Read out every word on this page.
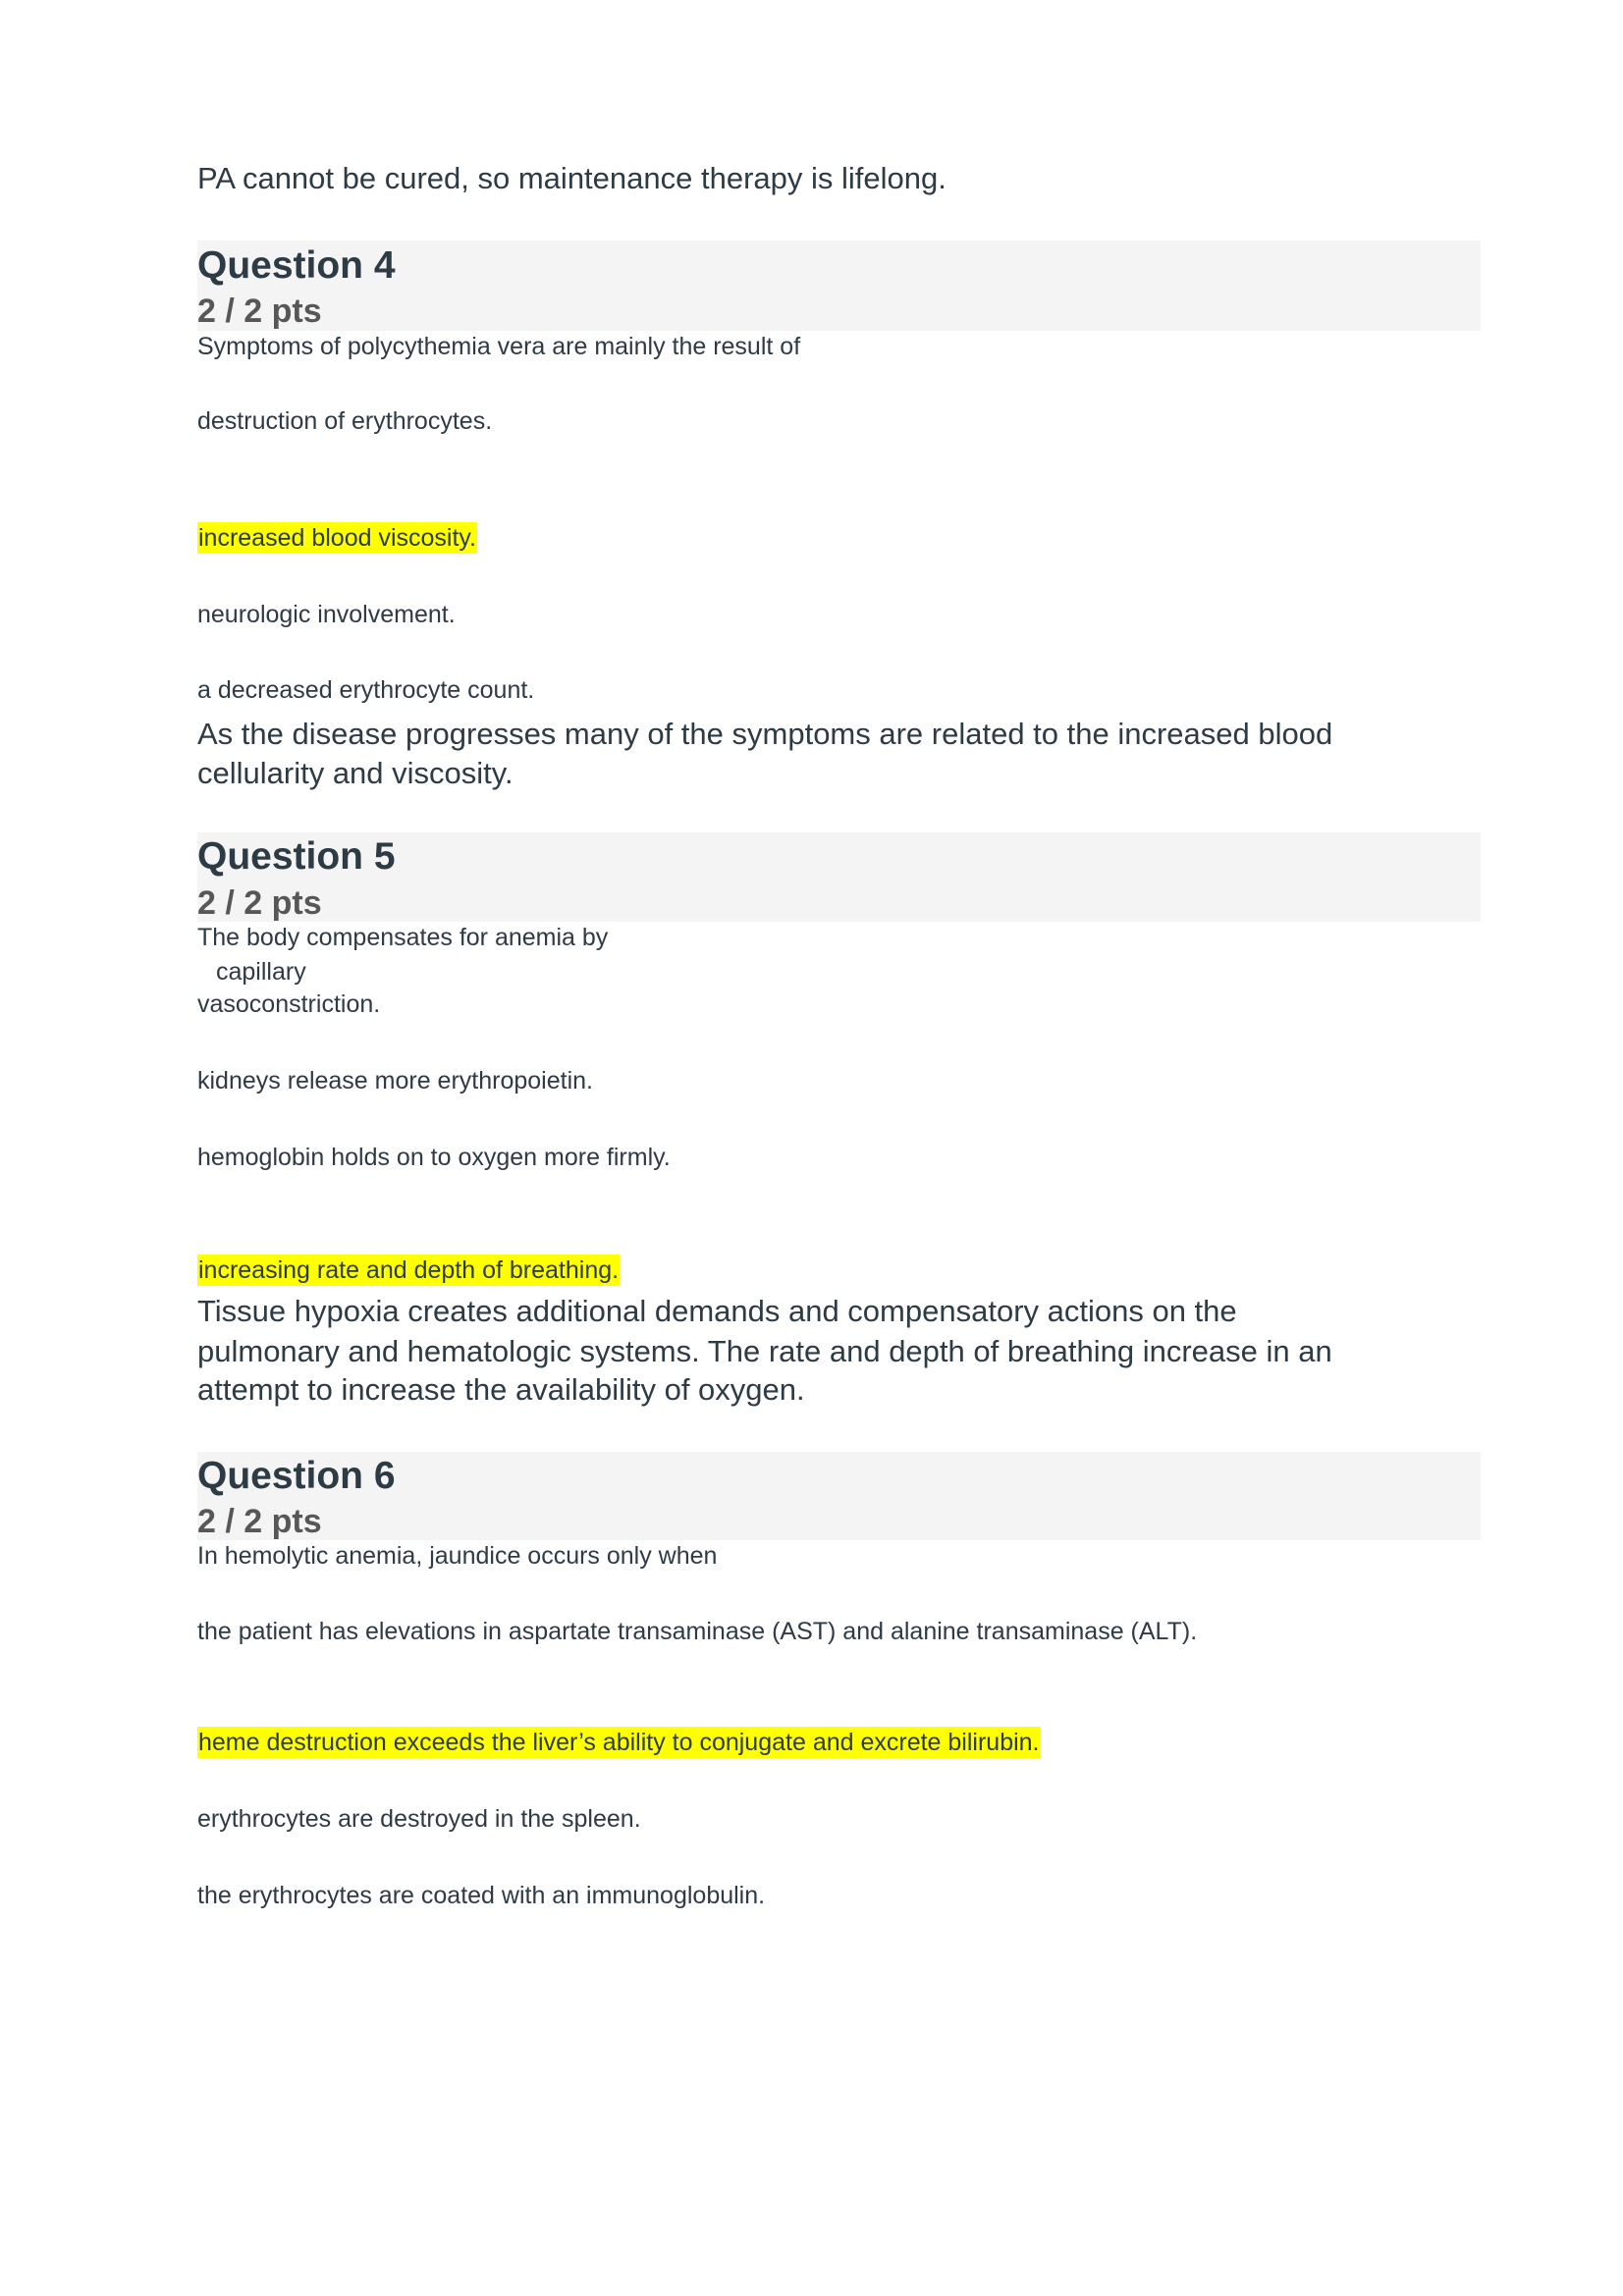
PA cannot be cured, so maintenance therapy is lifelong.
Question 4
2 / 2 pts
Symptoms of polycythemia vera are mainly the result of
destruction of erythrocytes.
increased blood viscosity.
neurologic involvement.
a decreased erythrocyte count.
As the disease progresses many of the symptoms are related to the increased blood
cellularity and viscosity.
Question 5
2 / 2 pts
The body compensates for anemia by
capillary
vasoconstriction.
kidneys release more erythropoietin.
hemoglobin holds on to oxygen more firmly.
increasing rate and depth of breathing.
Tissue hypoxia creates additional demands and compensatory actions on the
pulmonary and hematologic systems. The rate and depth of breathing increase in an
attempt to increase the availability of oxygen.
Question 6
2 / 2 pts
In hemolytic anemia, jaundice occurs only when
the patient has elevations in aspartate transaminase (AST) and alanine transaminase (ALT).
heme destruction exceeds the liver’s ability to conjugate and excrete bilirubin.
erythrocytes are destroyed in the spleen.
the erythrocytes are coated with an immunoglobulin.
